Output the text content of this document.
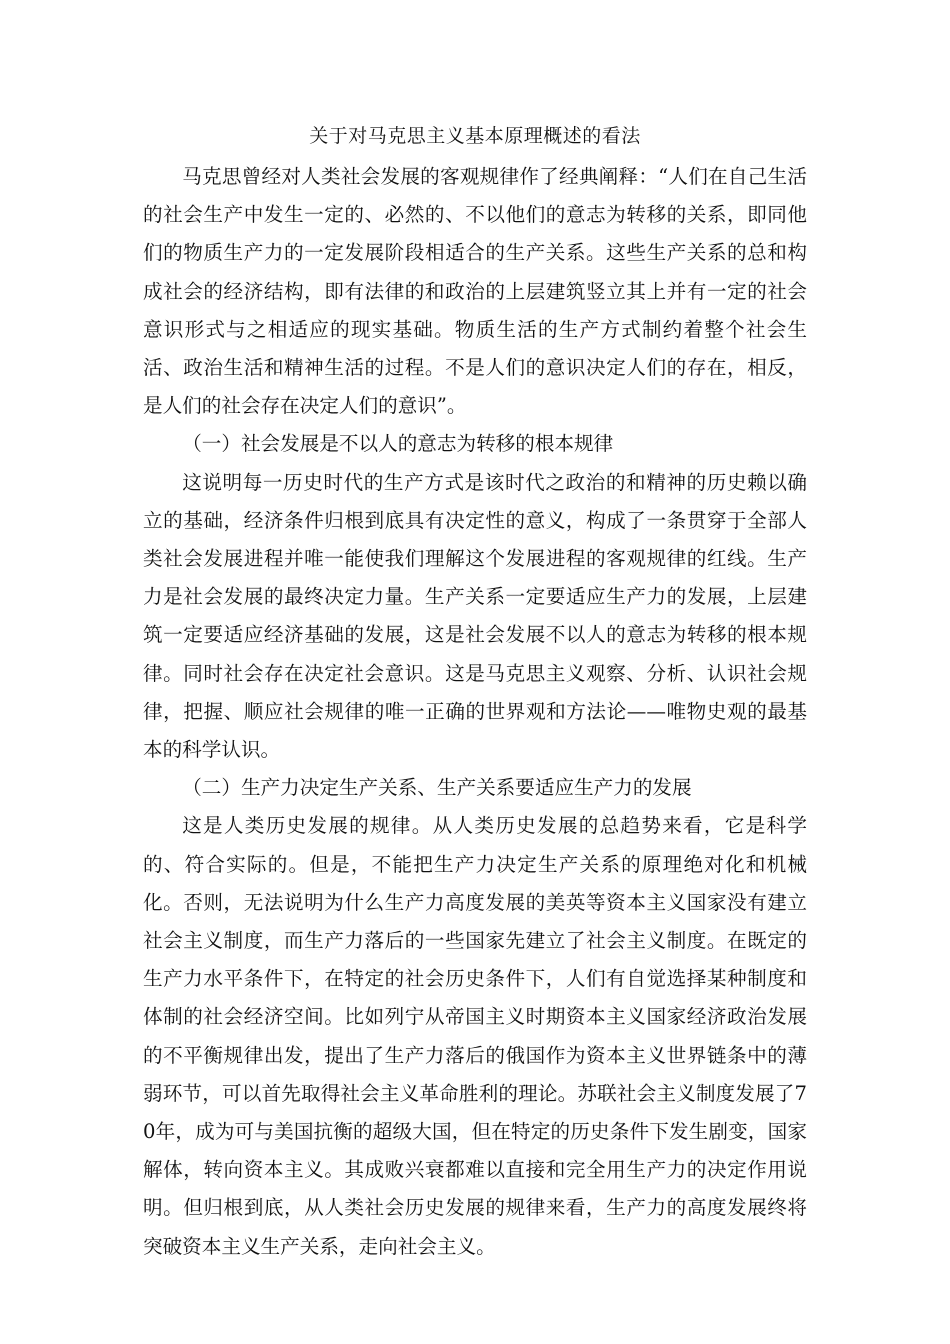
关于对马克思主义基本原理概述的看法

马克思曾经对人类社会发展的客观规律作了经典阐释：“人们在自己生活的社会生产中发生一定的、必然的、不以他们的意志为转移的关系，即同他们的物质生产力的一定发展阶段相适合的生产关系。这些生产关系的总和构成社会的经济结构，即有法律的和政治的上层建筑竖立其上并有一定的社会意识形式与之相适应的现实基础。物质生活的生产方式制约着整个社会生活、政治生活和精神生活的过程。不是人们的意识决定人们的存在，相反，是人们的社会存在决定人们的意识”。

（一）社会发展是不以人的意志为转移的根本规律

这说明每一历史时代的生产方式是该时代之政治的和精神的历史赖以确立的基础，经济条件归根到底具有决定性的意义，构成了一条贯穿于全部人类社会发展进程并唯一能使我们理解这个发展进程的客观规律的红线。生产力是社会发展的最终决定力量。生产关系一定要适应生产力的发展，上层建筑一定要适应经济基础的发展，这是社会发展不以人的意志为转移的根本规律。同时社会存在决定社会意识。这是马克思主义观察、分析、认识社会规律，把握、顺应社会规律的唯一正确的世界观和方法论——唯物史观的最基本的科学认识。

（二）生产力决定生产关系、生产关系要适应生产力的发展

这是人类历史发展的规律。从人类历史发展的总趋势来看，它是科学的、符合实际的。但是，不能把生产力决定生产关系的原理绝对化和机械化。否则，无法说明为什么生产力高度发展的美英等资本主义国家没有建立社会主义制度，而生产力落后的一些国家先建立了社会主义制度。在既定的生产力水平条件下，在特定的社会历史条件下，人们有自觉选择某种制度和体制的社会经济空间。比如列宁从帝国主义时期资本主义国家经济政治发展的不平衡规律出发，提出了生产力落后的俄国作为资本主义世界链条中的薄弱环节，可以首先取得社会主义革命胜利的理论。苏联社会主义制度发展了70年，成为可与美国抗衡的超级大国，但在特定的历史条件下发生剧变，国家解体，转向资本主义。其成败兴衰都难以直接和完全用生产力的决定作用说明。但归根到底，从人类社会历史发展的规律来看，生产力的高度发展终将突破资本主义生产关系，走向社会主义。
